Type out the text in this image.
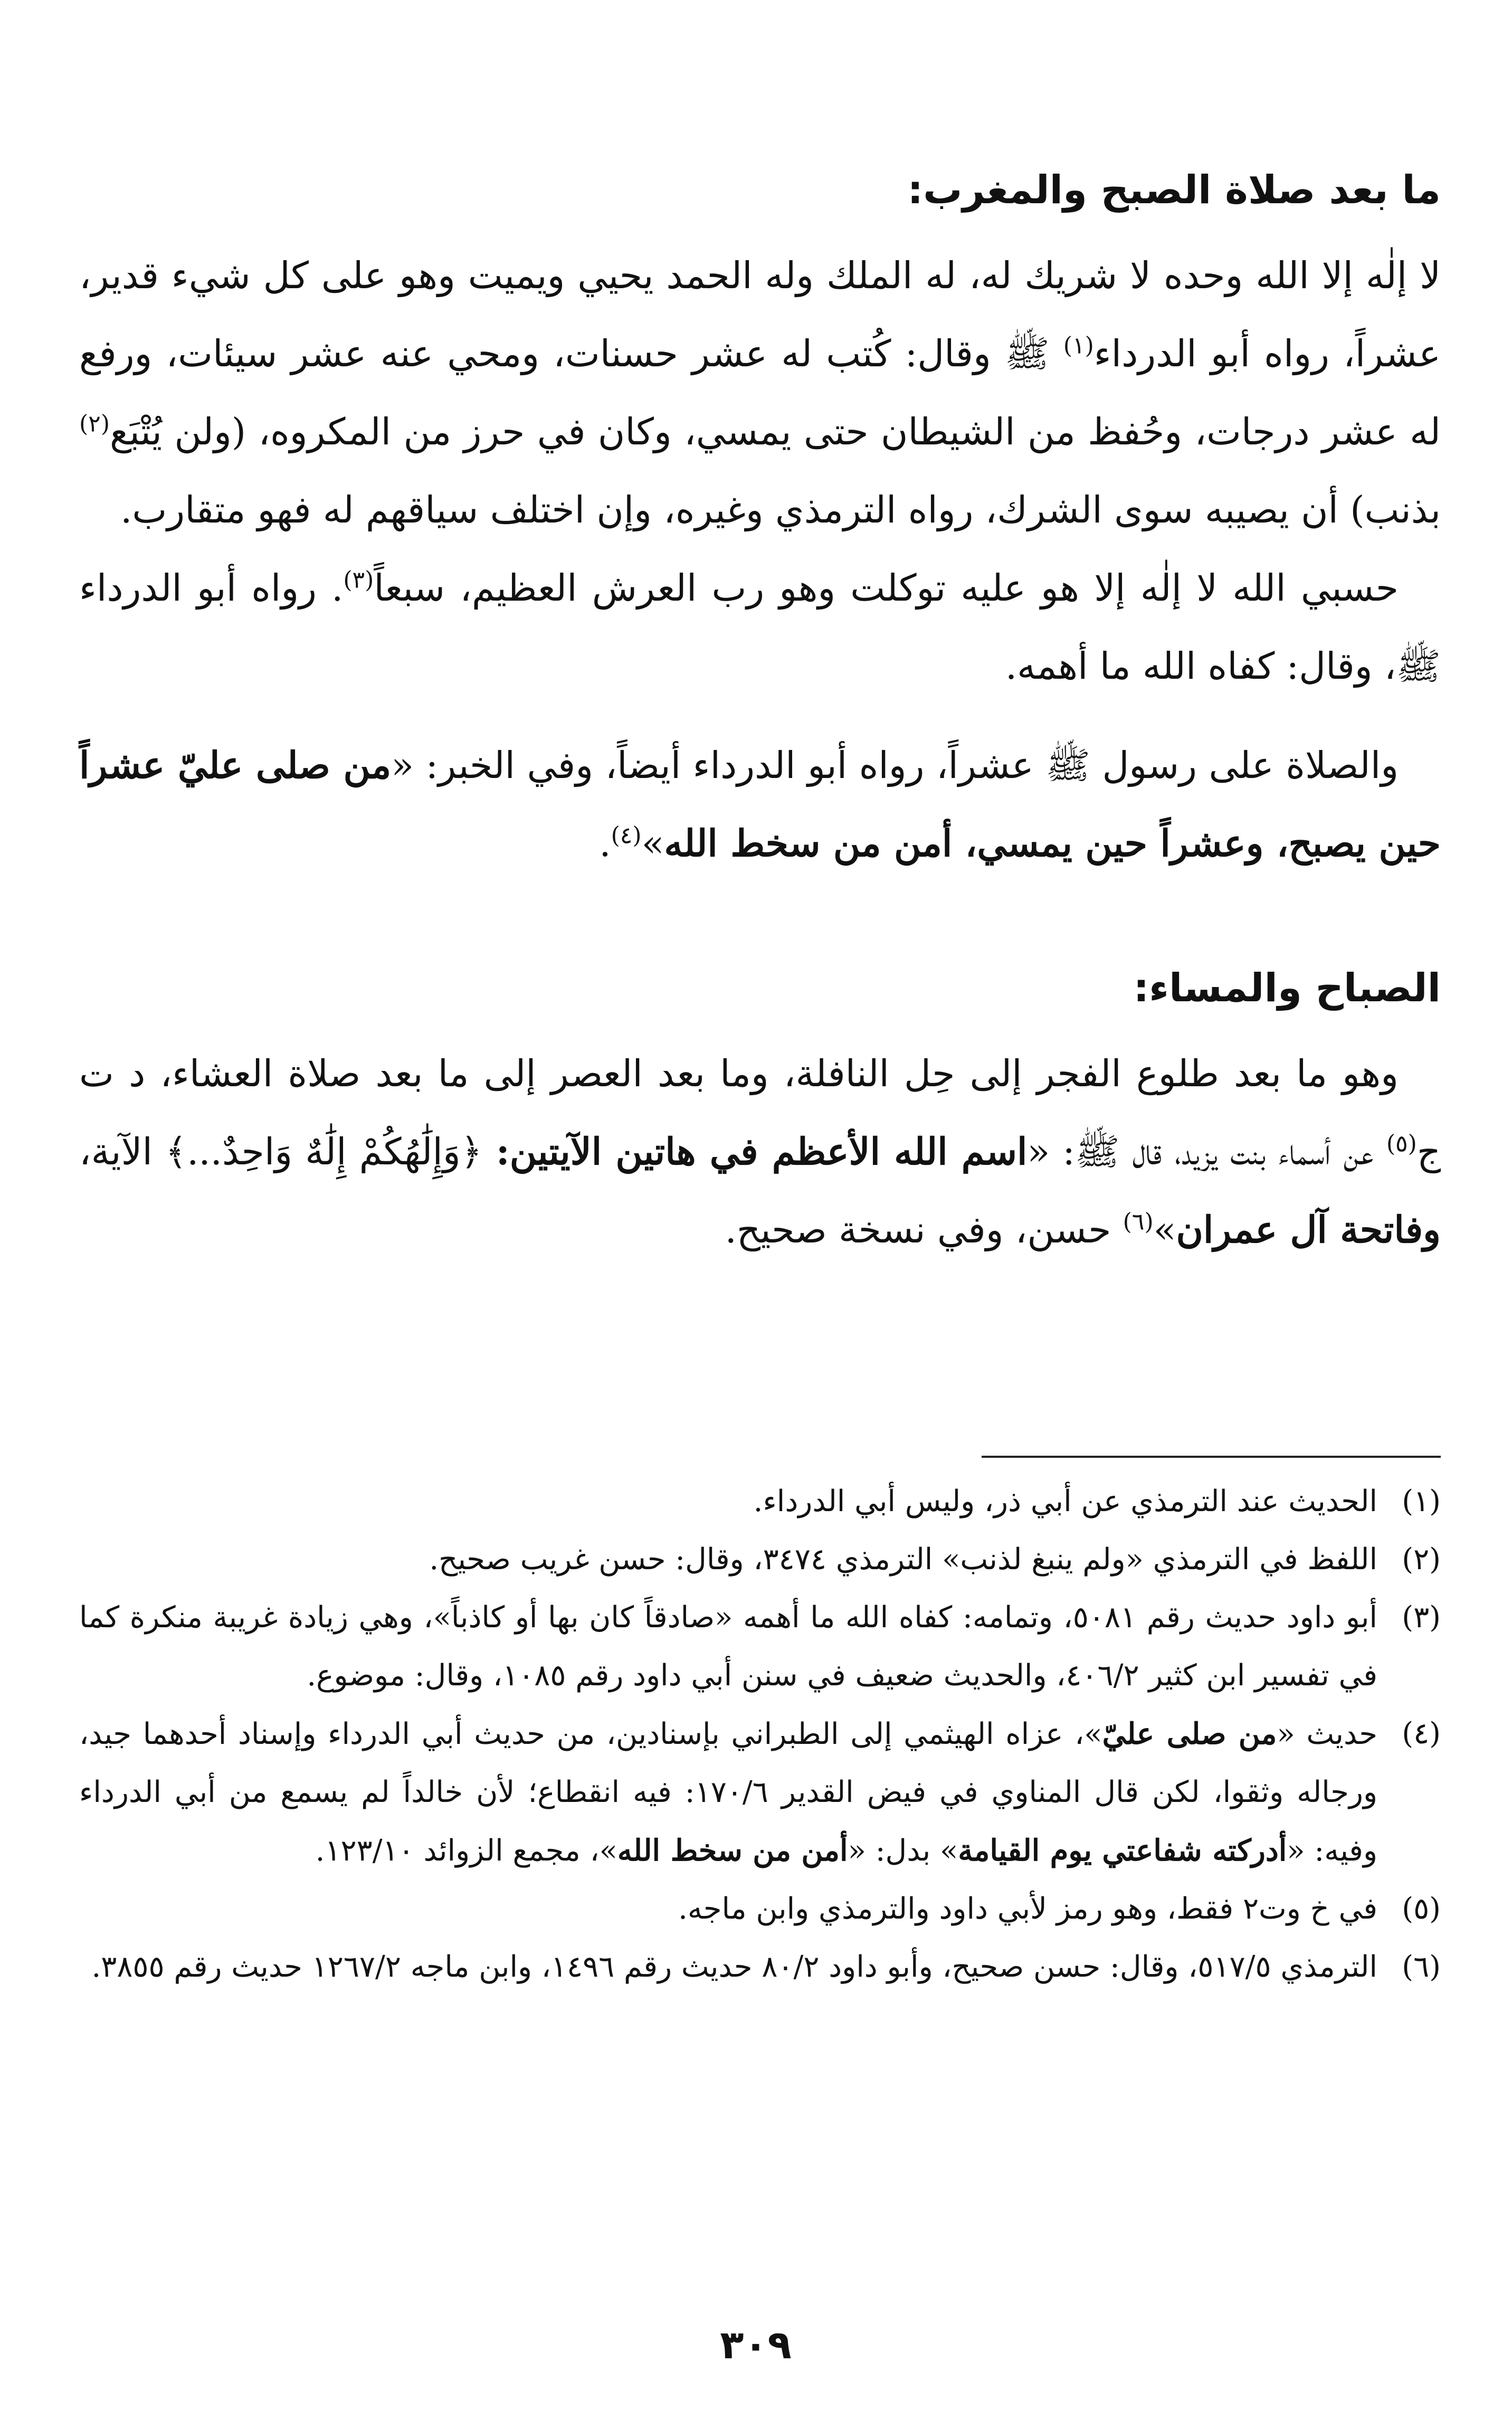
ما بعد صلاة الصبح والمغرب:

لا إلٰه إلا الله وحده لا شريك له، له الملك وله الحمد يحيي ويميت وهو على كل شيء قدير، عشراً، رواه أبو الدرداء$^{(١)}$ ﷺ وقال: كُتب له عشر حسنات، ومحي عنه عشر سيئات، ورفع له عشر درجات، وحُفظ من الشيطان حتى يمسي، وكان في حرز من المكروه، (ولن يُتْبَع$^{(٢)}$ بذنب) أن يصيبه سوى الشرك، رواه الترمذي وغيره، وإن اختلف سياقهم له فهو متقارب.

حسبي الله لا إلٰه إلا هو عليه توكلت وهو رب العرش العظيم، سبعاً$^{(٣)}$. رواه أبو الدرداء ﷺ، وقال: كفاه الله ما أهمه.

والصلاة على رسول ﷺ عشراً، رواه أبو الدرداء أيضاً، وفي الخبر: «من صلى عليّ عشراً حين يصبح، وعشراً حين يمسي، أمن من سخط الله»$^{(٤)}$.

الصباح والمساء:

وهو ما بعد طلوع الفجر إلى حِل النافلة، وما بعد العصر إلى ما بعد صلاة العشاء، د ت ج$^{(٥)}$ عن أسماء بنت يزيد، قال ﷺ: «اسم الله الأعظم في هاتين الآيتين: ﴿وَإِلَٰهُكُمْ إِلَٰهٌ وَاحِدٌ...﴾ الآية، وفاتحة آل عمران»$^{(٦)}$ حسن، وفي نسخة صحيح.

(١)
الحديث عند الترمذي عن أبي ذر، وليس أبي الدرداء.
(٢)
اللفظ في الترمذي «ولم ينبغ لذنب» الترمذي ٣٤٧٤، وقال: حسن غريب صحيح.
(٣)
أبو داود حديث رقم ٥٠٨١، وتمامه: كفاه الله ما أهمه «صادقاً كان بها أو كاذباً»، وهي زيادة غريبة منكرة كما في تفسير ابن كثير ٤٠٦/٢، والحديث ضعيف في سنن أبي داود رقم ١٠٨٥، وقال: موضوع.
(٤)
حديث «من صلى عليّ»، عزاه الهيثمي إلى الطبراني بإسنادين، من حديث أبي الدرداء وإسناد أحدهما جيد، ورجاله وثقوا، لكن قال المناوي في فيض القدير ١٧٠/٦: فيه انقطاع؛ لأن خالداً لم يسمع من أبي الدرداء وفيه: «أدركته شفاعتي يوم القيامة» بدل: «أمن من سخط الله»، مجمع الزوائد ١٢٣/١٠.
(٥)
في خ وت٢ فقط، وهو رمز لأبي داود والترمذي وابن ماجه.
(٦)
الترمذي ٥١٧/٥، وقال: حسن صحيح، وأبو داود ٨٠/٢ حديث رقم ١٤٩٦، وابن ماجه ١٢٦٧/٢ حديث رقم ٣٨٥٥.
٣٠٩
